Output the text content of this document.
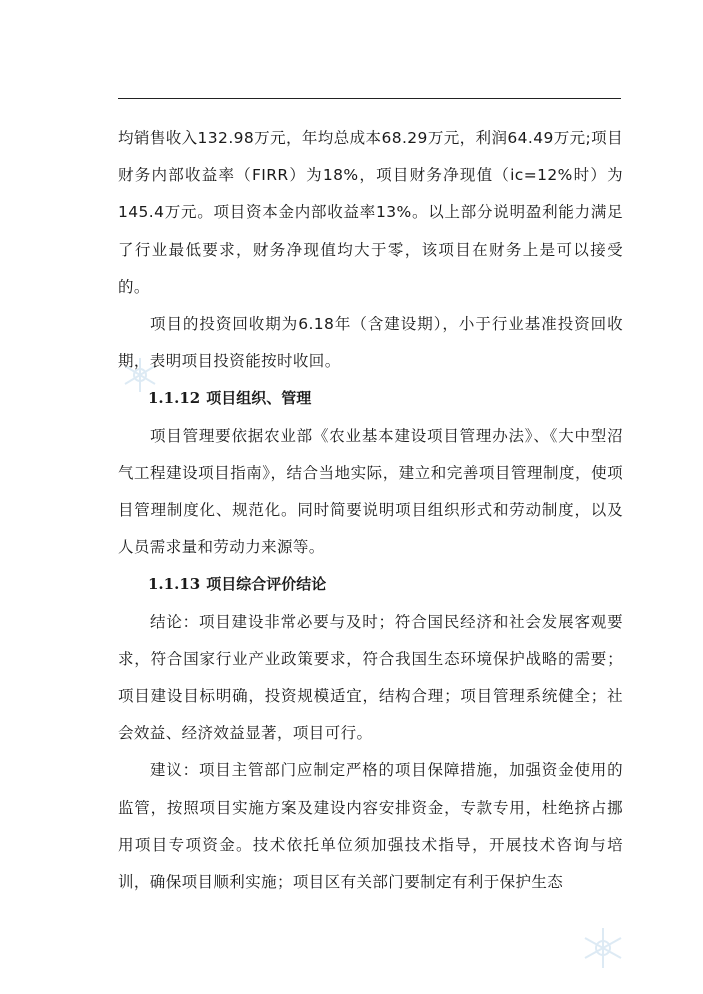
均销售收入132.98万元，年均总成本68.29万元，利润64.49万元;项目财务内部收益率（FIRR）为18%，项目财务净现值（ic=12%时）为145.4万元。项目资本金内部收益率13%。以上部分说明盈利能力满足了行业最低要求，财务净现值均大于零，该项目在财务上是可以接受的。

项目的投资回收期为6.18年（含建设期），小于行业基准投资回收期，表明项目投资能按时收回。

1.1.12 项目组织、管理

项目管理要依据农业部《农业基本建设项目管理办法》、《大中型沼气工程建设项目指南》，结合当地实际，建立和完善项目管理制度，使项目管理制度化、规范化。同时简要说明项目组织形式和劳动制度，以及人员需求量和劳动力来源等。

1.1.13 项目综合评价结论

结论：项目建设非常必要与及时；符合国民经济和社会发展客观要求，符合国家行业产业政策要求，符合我国生态环境保护战略的需要；项目建设目标明确，投资规模适宜，结构合理；项目管理系统健全；社会效益、经济效益显著，项目可行。

建议：项目主管部门应制定严格的项目保障措施，加强资金使用的监管，按照项目实施方案及建设内容安排资金，专款专用，杜绝挤占挪用项目专项资金。技术依托单位须加强技术指导，开展技术咨询与培训，确保项目顺利实施；项目区有关部门要制定有利于保护生态
